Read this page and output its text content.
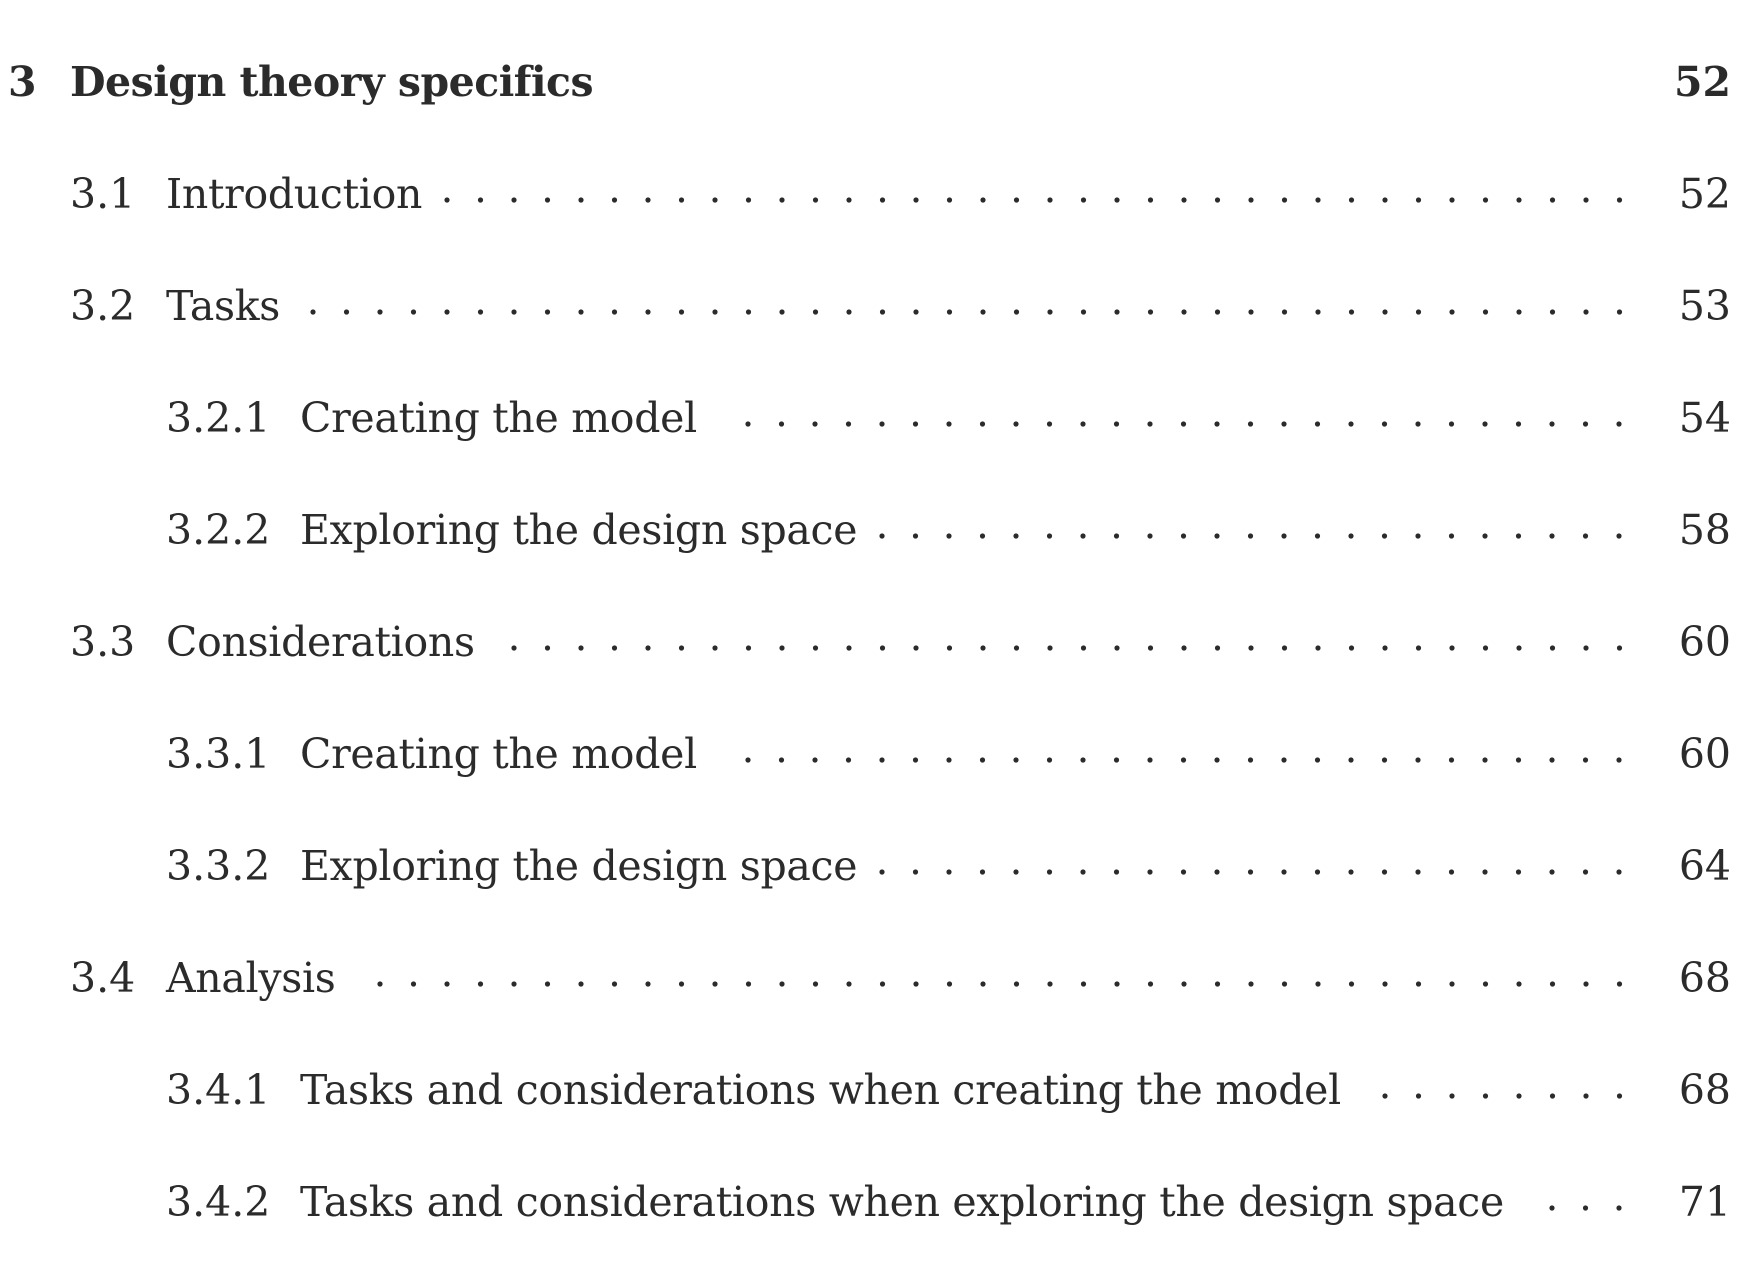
3 Design theory specifics	52
3.1 Introduction	52
3.2 Tasks	53
3.2.1 Creating the model	54
3.2.2 Exploring the design space	58
3.3 Considerations	60
3.3.1 Creating the model	60
3.3.2 Exploring the design space	64
3.4 Analysis	68
3.4.1 Tasks and considerations when creating the model	68
3.4.2 Tasks and considerations when exploring the design space	71
